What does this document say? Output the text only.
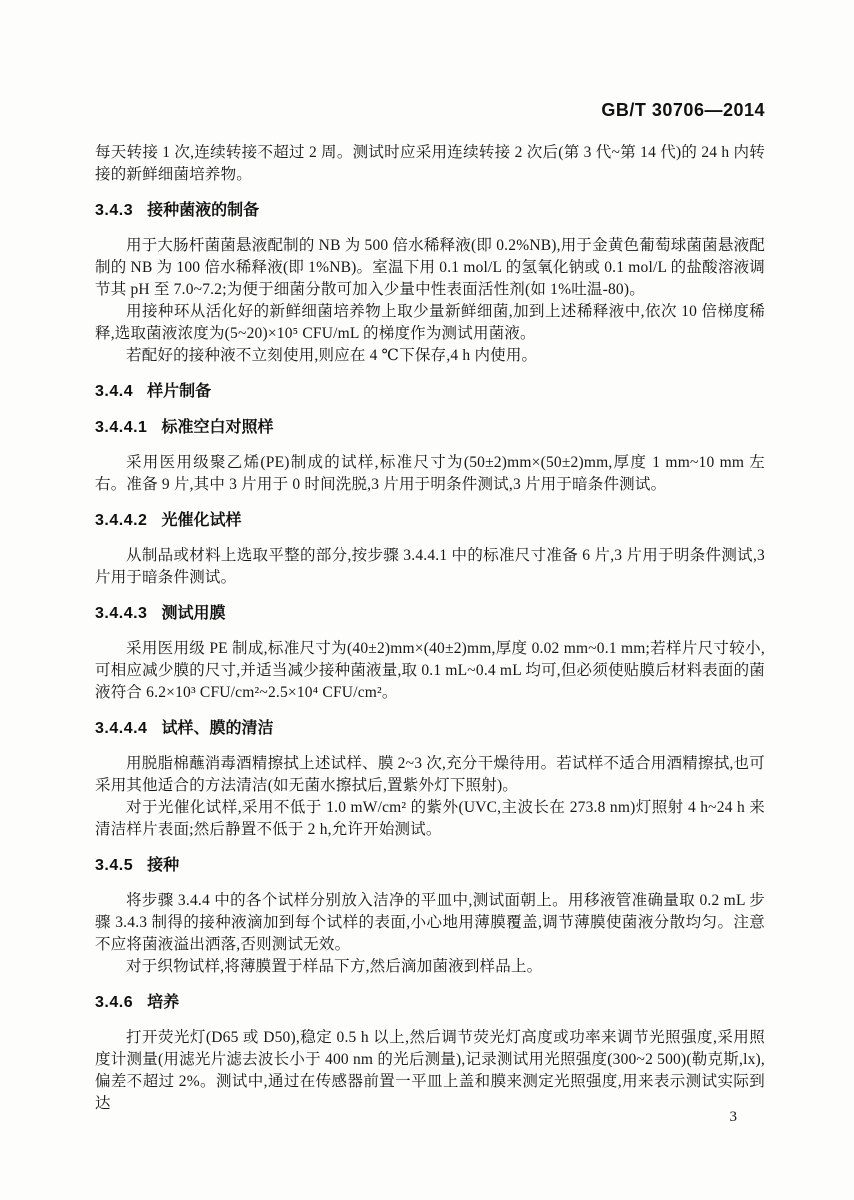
GB/T 30706—2014

每天转接 1 次,连续转接不超过 2 周。测试时应采用连续转接 2 次后(第 3 代~第 14 代)的 24 h 内转接的新鲜细菌培养物。

3.4.3 接种菌液的制备

用于大肠杆菌菌悬液配制的 NB 为 500 倍水稀释液(即 0.2%NB),用于金黄色葡萄球菌菌悬液配制的 NB 为 100 倍水稀释液(即 1%NB)。室温下用 0.1 mol/L 的氢氧化钠或 0.1 mol/L 的盐酸溶液调节其 pH 至 7.0~7.2;为便于细菌分散可加入少量中性表面活性剂(如 1%吐温-80)。

用接种环从活化好的新鲜细菌培养物上取少量新鲜细菌,加到上述稀释液中,依次 10 倍梯度稀释,选取菌液浓度为(5~20)×10⁵ CFU/mL 的梯度作为测试用菌液。

若配好的接种液不立刻使用,则应在 4 ℃下保存,4 h 内使用。

3.4.4 样片制备
3.4.4.1 标准空白对照样

采用医用级聚乙烯(PE)制成的试样,标准尺寸为(50±2)mm×(50±2)mm,厚度 1 mm~10 mm 左右。准备 9 片,其中 3 片用于 0 时间洗脱,3 片用于明条件测试,3 片用于暗条件测试。

3.4.4.2 光催化试样

从制品或材料上选取平整的部分,按步骤 3.4.4.1 中的标准尺寸准备 6 片,3 片用于明条件测试,3 片用于暗条件测试。

3.4.4.3 测试用膜

采用医用级 PE 制成,标准尺寸为(40±2)mm×(40±2)mm,厚度 0.02 mm~0.1 mm;若样片尺寸较小,可相应减少膜的尺寸,并适当减少接种菌液量,取 0.1 mL~0.4 mL 均可,但必须使贴膜后材料表面的菌液符合 6.2×10³ CFU/cm²~2.5×10⁴ CFU/cm²。

3.4.4.4 试样、膜的清洁

用脱脂棉蘸消毒酒精擦拭上述试样、膜 2~3 次,充分干燥待用。若试样不适合用酒精擦拭,也可采用其他适合的方法清洁(如无菌水擦拭后,置紫外灯下照射)。

对于光催化试样,采用不低于 1.0 mW/cm² 的紫外(UVC,主波长在 273.8 nm)灯照射 4 h~24 h 来清洁样片表面;然后静置不低于 2 h,允许开始测试。

3.4.5 接种

将步骤 3.4.4 中的各个试样分别放入洁净的平皿中,测试面朝上。用移液管准确量取 0.2 mL 步骤 3.4.3 制得的接种液滴加到每个试样的表面,小心地用薄膜覆盖,调节薄膜使菌液分散均匀。注意不应将菌液溢出洒落,否则测试无效。

对于织物试样,将薄膜置于样品下方,然后滴加菌液到样品上。

3.4.6 培养

打开荧光灯(D65 或 D50),稳定 0.5 h 以上,然后调节荧光灯高度或功率来调节光照强度,采用照度计测量(用滤光片滤去波长小于 400 nm 的光后测量),记录测试用光照强度(300~2 500)(勒克斯,lx),偏差不超过 2%。测试中,通过在传感器前置一平皿上盖和膜来测定光照强度,用来表示测试实际到达

3
